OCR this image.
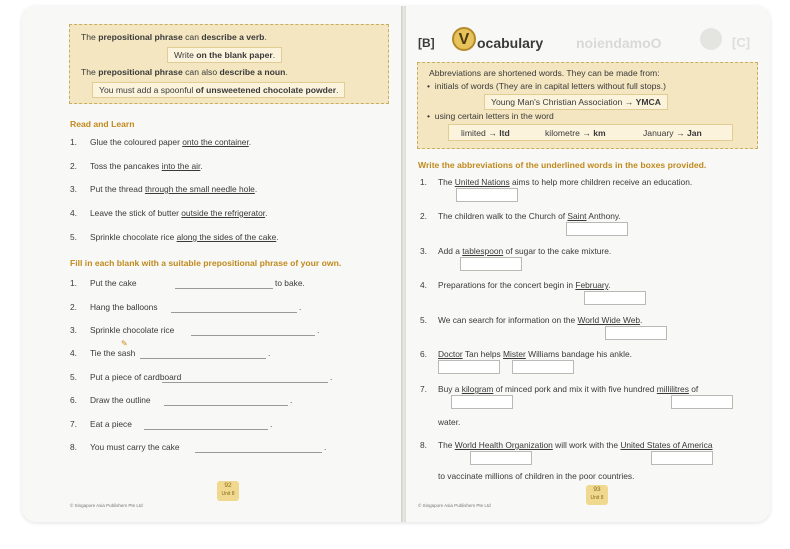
The prepositional phrase can describe a verb.

Write on the blank paper.

The prepositional phrase can also describe a noun.

You must add a spoonful of unsweetened chocolate powder.
Read and Learn
1. Glue the coloured paper onto the container.
2. Toss the pancakes into the air.
3. Put the thread through the small needle hole.
4. Leave the stick of butter outside the refrigerator.
5. Sprinkle chocolate rice along the sides of the cake.
Fill in each blank with a suitable prepositional phrase of your own.
1. Put the cake	to bake.
2. Hang the balloons	.
3. Sprinkle chocolate rice	.
4. Tie the sash	.
5. Put a piece of cardboard	.
6. Draw the outline	.
7. Eat a piece	.
8. You must carry the cake	.
✎
© Singapore Asia Publishers Pte Ltd
92
Unit 8
[B]	V ocabulary noiendamoO	[C]

Abbreviations are shortened words. They can be made from:

•  initials of words (They are in capital letters without full stops.)

Young Man's Christian Association → YMCA

•  using certain letters in the word

limited → ltd	kilometre → km	January → Jan
Write the abbreviations of the underlined words in the boxes provided.
1. The United Nations aims to help more children receive an education.
2. The children walk to the Church of Saint Anthony.
3. Add a tablespoon of sugar to the cake mixture.
4. Preparations for the concert begin in February.
5. We can search for information on the World Wide Web.
6. Doctor Tan helps Mister Williams bandage his ankle.
7. Buy a kilogram of minced pork and mix it with five hundred millilitres of
8. The World Health Organization will work with the United States of America
water.
to vaccinate millions of children in the poor countries.
© Singapore Asia Publishers Pte Ltd
93
Unit 8
